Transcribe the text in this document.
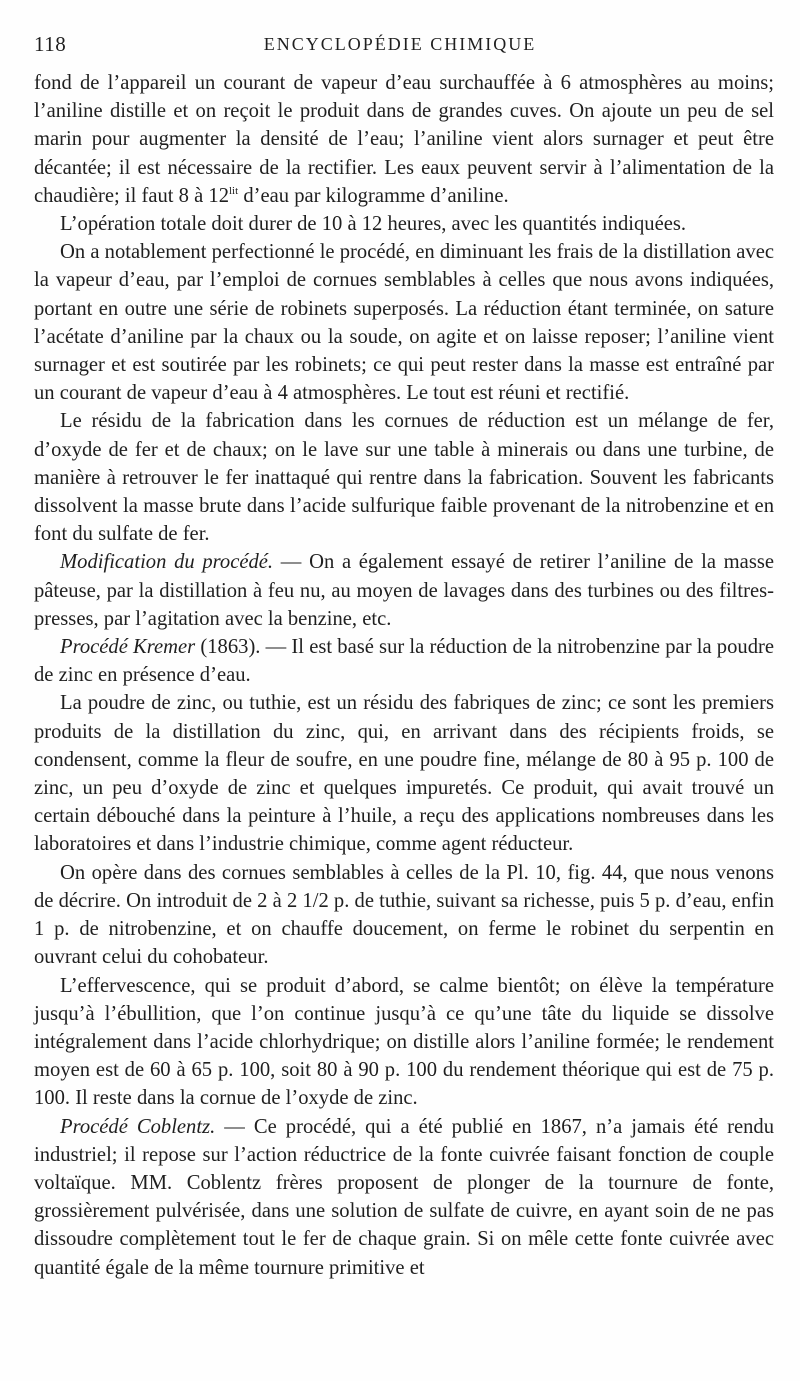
118	ENCYCLOPÉDIE CHIMIQUE

fond de l’appareil un courant de vapeur d’eau surchauffée à 6 atmosphères au moins; l’aniline distille et on reçoit le produit dans de grandes cuves. On ajoute un peu de sel marin pour augmenter la densité de l’eau; l’aniline vient alors surnager et peut être décantée; il est nécessaire de la rectifier. Les eaux peuvent servir à l’alimentation de la chaudière; il faut 8 à $12^{lit}$ d’eau par kilogramme d’aniline.

L’opération totale doit durer de 10 à 12 heures, avec les quantités indiquées.

On a notablement perfectionné le procédé, en diminuant les frais de la distillation avec la vapeur d’eau, par l’emploi de cornues semblables à celles que nous avons indiquées, portant en outre une série de robinets superposés. La réduction étant terminée, on sature l’acétate d’aniline par la chaux ou la soude, on agite et on laisse reposer; l’aniline vient surnager et est soutirée par les robinets; ce qui peut rester dans la masse est entraîné par un courant de vapeur d’eau à 4 atmosphères. Le tout est réuni et rectifié.

Le résidu de la fabrication dans les cornues de réduction est un mélange de fer, d’oxyde de fer et de chaux; on le lave sur une table à minerais ou dans une turbine, de manière à retrouver le fer inattaqué qui rentre dans la fabrication. Souvent les fabricants dissolvent la masse brute dans l’acide sulfurique faible provenant de la nitrobenzine et en font du sulfate de fer.

Modification du procédé. — On a également essayé de retirer l’aniline de la masse pâteuse, par la distillation à feu nu, au moyen de lavages dans des turbines ou des filtres-presses, par l’agitation avec la benzine, etc.

Procédé Kremer (1863). — Il est basé sur la réduction de la nitrobenzine par la poudre de zinc en présence d’eau.

La poudre de zinc, ou tuthie, est un résidu des fabriques de zinc; ce sont les premiers produits de la distillation du zinc, qui, en arrivant dans des récipients froids, se condensent, comme la fleur de soufre, en une poudre fine, mélange de 80 à 95 p. 100 de zinc, un peu d’oxyde de zinc et quelques impuretés. Ce produit, qui avait trouvé un certain débouché dans la peinture à l’huile, a reçu des applications nombreuses dans les laboratoires et dans l’industrie chimique, comme agent réducteur.

On opère dans des cornues semblables à celles de la Pl. 10, fig. 44, que nous venons de décrire. On introduit de 2 à 2 1/2 p. de tuthie, suivant sa richesse, puis 5 p. d’eau, enfin 1 p. de nitrobenzine, et on chauffe doucement, on ferme le robinet du serpentin en ouvrant celui du cohobateur.

L’effervescence, qui se produit d’abord, se calme bientôt; on élève la température jusqu’à l’ébullition, que l’on continue jusqu’à ce qu’une tâte du liquide se dissolve intégralement dans l’acide chlorhydrique; on distille alors l’aniline formée; le rendement moyen est de 60 à 65 p. 100, soit 80 à 90 p. 100 du rendement théorique qui est de 75 p. 100. Il reste dans la cornue de l’oxyde de zinc.

Procédé Coblentz. — Ce procédé, qui a été publié en 1867, n’a jamais été rendu industriel; il repose sur l’action réductrice de la fonte cuivrée faisant fonction de couple voltaïque. MM. Coblentz frères proposent de plonger de la tournure de fonte, grossièrement pulvérisée, dans une solution de sulfate de cuivre, en ayant soin de ne pas dissoudre complètement tout le fer de chaque grain. Si on mêle cette fonte cuivrée avec quantité égale de la même tournure primitive et
